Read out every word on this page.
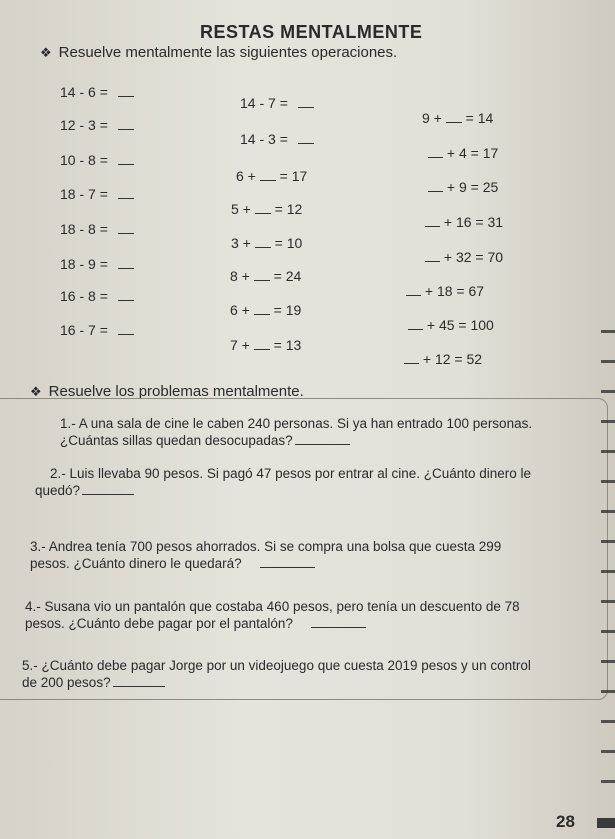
RESTAS MENTALMENTE
❖ Resuelve mentalmente las siguientes operaciones.
14 - 6 =
12 - 3 =
10 - 8 =
18 - 7 =
18 - 8 =
18 - 9 =
16 - 8 =
16 - 7 =
14 - 7 =
14 - 3 =
6 + = 17
5 + = 12
3 + = 10
8 + = 24
6 + = 19
7 + = 13
9 + = 14
+ 4 = 17
+ 9 = 25
+ 16 = 31
+ 32 = 70
+ 18 = 67
+ 45 = 100
+ 12 = 52
❖ Resuelve los problemas mentalmente.
1.- A una sala de cine le caben 240 personas. Si ya han entrado 100 personas.
¿Cuántas sillas quedan desocupadas?
2.- Luis llevaba 90 pesos. Si pagó 47 pesos por entrar al cine. ¿Cuánto dinero le
quedó?
3.- Andrea tenía 700 pesos ahorrados. Si se compra una bolsa que cuesta 299
pesos. ¿Cuánto dinero le quedará?
4.- Susana vio un pantalón que costaba 460 pesos, pero tenía un descuento de 78
pesos. ¿Cuánto debe pagar por el pantalón?
5.- ¿Cuánto debe pagar Jorge por un videojuego que cuesta 2019 pesos y un control
de 200 pesos?
28
